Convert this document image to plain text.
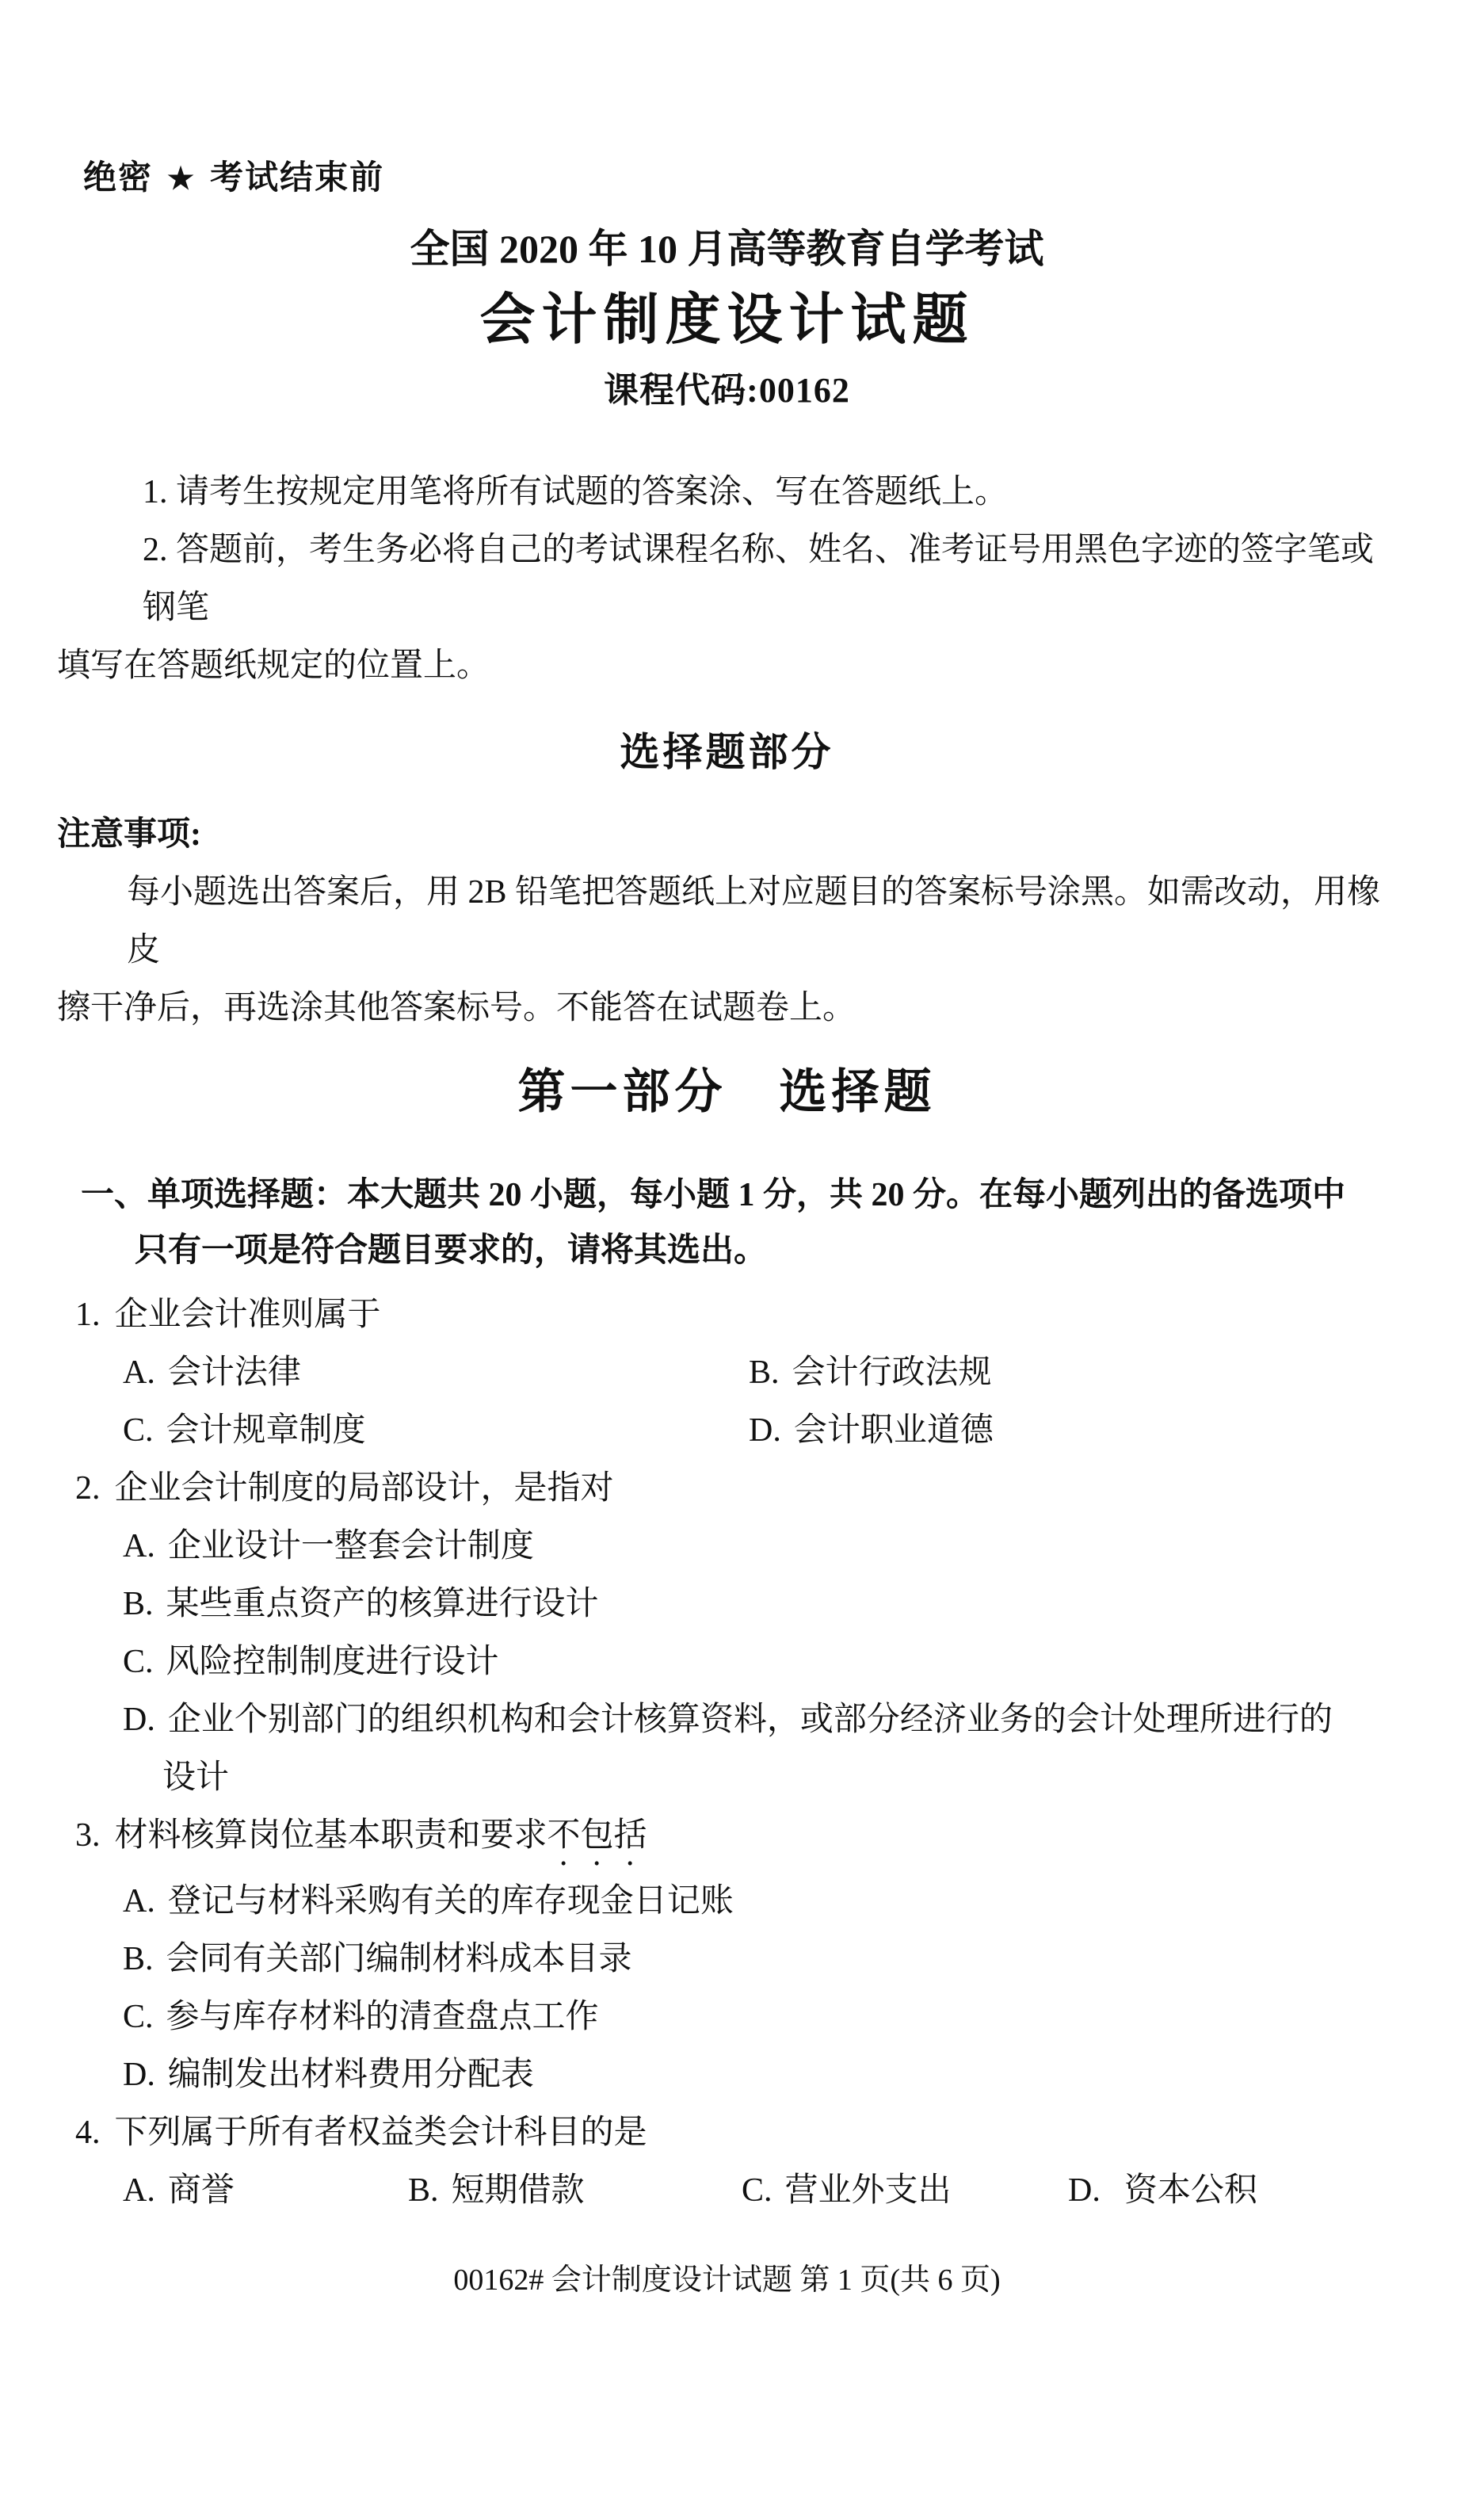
绝密 ★ 考试结束前
全国 2020 年 10 月高等教育自学考试
会计制度设计试题
课程代码:00162
1. 请考生按规定用笔将所有试题的答案涂、写在答题纸上。
2. 答题前，考生务必将自己的考试课程名称、姓名、准考证号用黑色字迹的签字笔或钢笔
填写在答题纸规定的位置上。
选择题部分
注意事项:
每小题选出答案后，用 2B 铅笔把答题纸上对应题目的答案标号涂黑。如需改动，用橡皮
擦干净后，再选涂其他答案标号。不能答在试题卷上。
第一部分　选择题
一、单项选择题：本大题共 20 小题，每小题 1 分，共 20 分。在每小题列出的备选项中
只有一项是符合题目要求的，请将其选出。
1. 企业会计准则属于
A. 会计法律	B. 会计行政法规
C. 会计规章制度	D. 会计职业道德
2. 企业会计制度的局部设计，是指对
A. 企业设计一整套会计制度
B. 某些重点资产的核算进行设计
C. 风险控制制度进行设计
D. 企业个别部门的组织机构和会计核算资料，或部分经济业务的会计处理所进行的
设计
3. 材料核算岗位基本职责和要求不包括
A. 登记与材料采购有关的库存现金日记账
B. 会同有关部门编制材料成本目录
C. 参与库存材料的清查盘点工作
D. 编制发出材料费用分配表
4. 下列属于所有者权益类会计科目的是
A. 商誉	B. 短期借款	C. 营业外支出	D. 资本公积
00162# 会计制度设计试题 第 1 页(共 6 页)
